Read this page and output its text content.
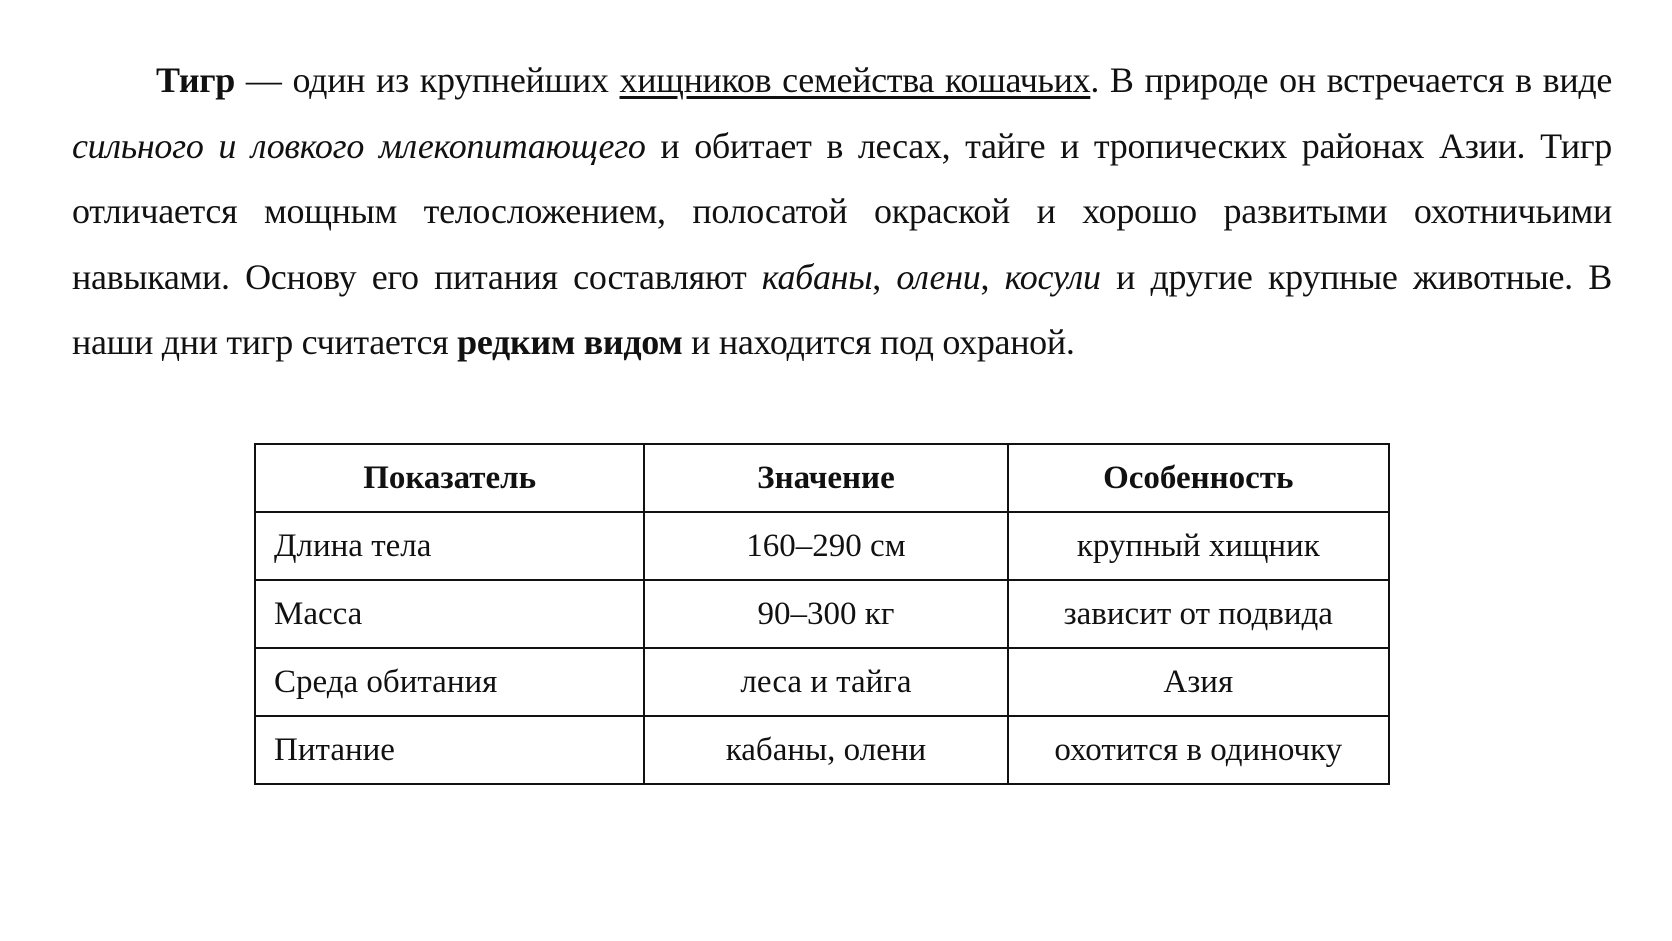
Тигр — один из крупнейших хищников семейства кошачьих. В природе он встречается в виде сильного и ловкого млекопитающего и обитает в лесах, тайге и тропических районах Азии. Тигр отличается мощным телосложением, полосатой окраской и хорошо развитыми охотничьими навыками. Основу его питания составляют кабаны, олени, косули и другие крупные животные. В наши дни тигр считается редким видом и находится под охраной.

Показатель	Значение	Особенность
Длина тела	160–290 см	крупный хищник
Масса	90–300 кг	зависит от подвида
Среда обитания	леса и тайга	Азия
Питание	кабаны, олени	охотится в одиночку
